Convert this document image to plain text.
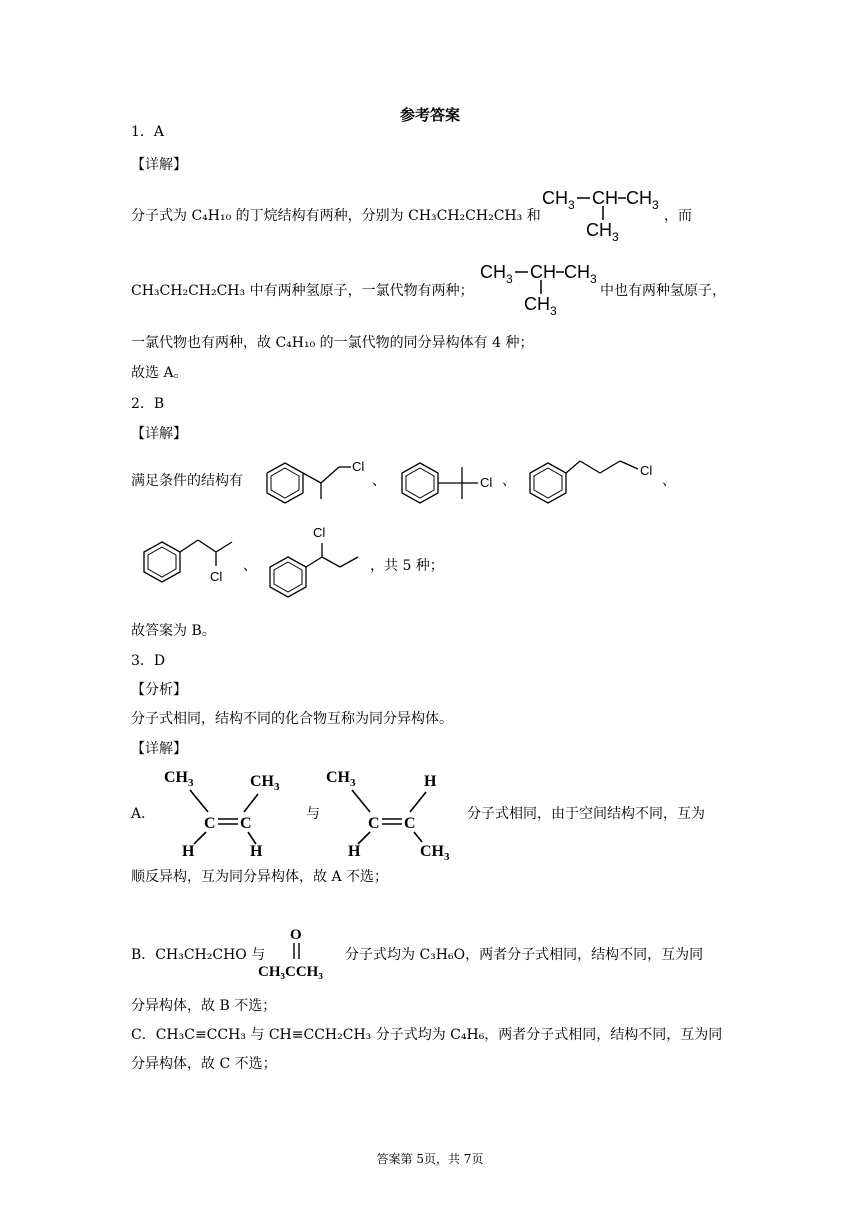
参考答案
1．A
【详解】
分子式为 C₄H₁₀ 的丁烷结构有两种，分别为 CH₃CH₂CH₂CH₃ 和
$CH_3$ CH $CH_3$
$CH_3$
，而
CH₃CH₂CH₂CH₃ 中有两种氢原子，一氯代物有两种；
$CH_3$ CH $CH_3$
$CH_3$
中也有两种氢原子，
一氯代物也有两种，故 C₄H₁₀ 的一氯代物的同分异构体有 4 种；
故选 A。
2．B
【详解】
满足条件的结构有
Cl
、	Cl 、
Cl
、
Cl
、
Cl
，共 5 种；
故答案为 B。
3．D
【分析】
分子式相同，结构不同的化合物互称为同分异构体。
【详解】
A．
$CH_3$	$CH_3$
C C
H	H
与
$CH_3$	H
C C
H	$CH_3$
分子式相同，由于空间结构不同，互为
顺反异构，互为同分异构体，故 A 不选；
B．CH₃CH₂CHO 与
O
CH₃CCH₃
分子式均为 C₃H₆O，两者分子式相同，结构不同，互为同
分异构体，故 B 不选；
C．CH₃C≡CCH₃ 与 CH≡CCH₂CH₃ 分子式均为 C₄H₆，两者分子式相同，结构不同，互为同
分异构体，故 C 不选；
答案第 5页，共 7页
